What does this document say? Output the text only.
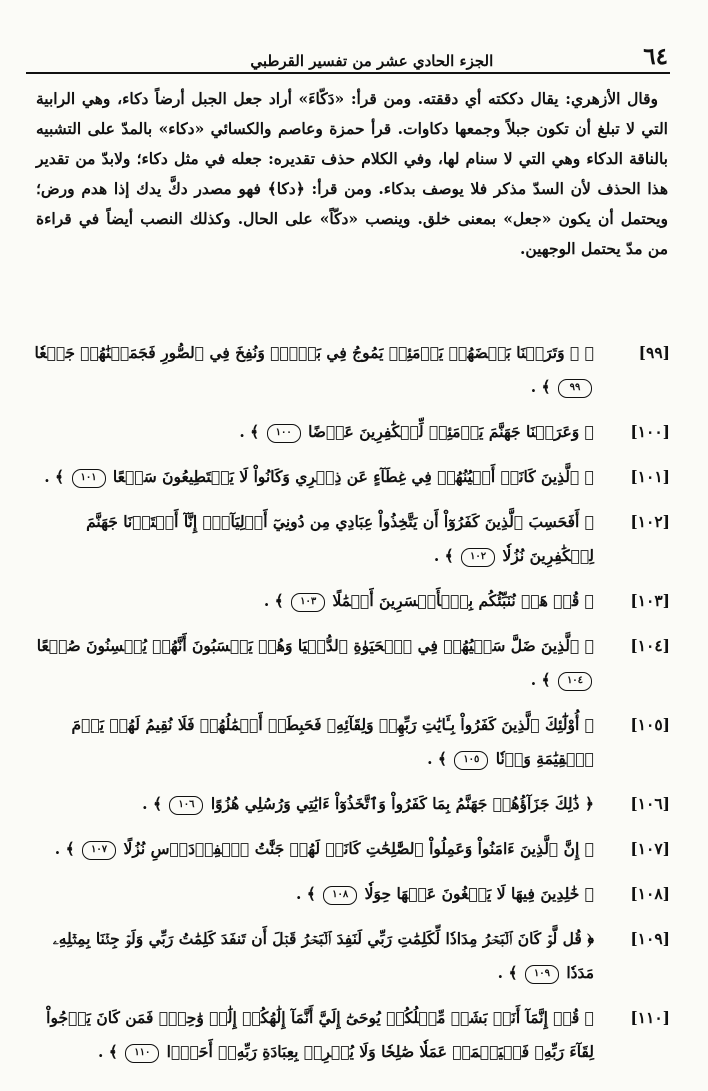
٦٤
الجزء الحادي عشر من تفسير القرطبي

وقال الأزهري: يقال دككته أي دققته. ومن قرأ: «دَكّاءَ» أراد جعل الجبل أرضاً دكاء، وهي الرابية التي لا تبلغ أن تكون جبلاً وجمعها دكاوات. قرأ حمزة وعاصم والكسائي «دكاء» بالمدّ على التشبيه بالناقة الدكاء وهي التي لا سنام لها، وفي الكلام حذف تقديره: جعله في مثل دكاء؛ ولابدّ من تقدير هذا الحذف لأن السدّ مذكر فلا يوصف بدكاء. ومن قرأ: ﴿دكا﴾ فهو مصدر دكَّ يدك إذا هدم ورض؛ ويحتمل أن يكون «جعل» بمعنى خلق. وينصب «دكّاً» على الحال. وكذلك النصب أيضاً في قراءة من مدّ يحتمل الوجهين.

[٩٩]
﴿ ۞ وَتَرَكۡنَا بَعۡضَهُمۡ يَوۡمَئِذٖ يَمُوجُ فِي بَعۡضٖۖ وَنُفِخَ فِي ٱلصُّورِ فَجَمَعۡنَٰهُمۡ جَمۡعٗا ٩٩ ﴾ .
[١٠٠]
﴿ وَعَرَضۡنَا جَهَنَّمَ يَوۡمَئِذٖ لِّلۡكَٰفِرِينَ عَرۡضًا ١٠٠ ﴾ .
[١٠١]
﴿ ٱلَّذِينَ كَانَتۡ أَعۡيُنُهُمۡ فِي غِطَآءٍ عَن ذِكۡرِي وَكَانُواْ لَا يَسۡتَطِيعُونَ سَمۡعًا ١٠١ ﴾ .
[١٠٢]
﴿ أَفَحَسِبَ ٱلَّذِينَ كَفَرُوٓاْ أَن يَتَّخِذُواْ عِبَادِي مِن دُونِيٓ أَوۡلِيَآءَۚ إِنَّآ أَعۡتَدۡنَا جَهَنَّمَ لِلۡكَٰفِرِينَ نُزُلٗا ١٠٢ ﴾ .
[١٠٣]
﴿ قُلۡ هَلۡ نُنَبِّئُكُم بِٱلۡأَخۡسَرِينَ أَعۡمَٰلًا ١٠٣ ﴾ .
[١٠٤]
﴿ ٱلَّذِينَ ضَلَّ سَعۡيُهُمۡ فِي ٱلۡحَيَوٰةِ ٱلدُّنۡيَا وَهُمۡ يَحۡسَبُونَ أَنَّهُمۡ يُحۡسِنُونَ صُنۡعًا ١٠٤ ﴾ .
[١٠٥]
﴿ أُوْلَٰٓئِكَ ٱلَّذِينَ كَفَرُواْ بِـَٔايَٰتِ رَبِّهِمۡ وَلِقَآئِهِۦ فَحَبِطَتۡ أَعۡمَٰلُهُمۡ فَلَا نُقِيمُ لَهُمۡ يَوۡمَ ٱلۡقِيَٰمَةِ وَزۡنٗا ١٠٥ ﴾ .
[١٠٦]
﴿ ذَٰلِكَ جَزَآؤُهُمۡ جَهَنَّمُ بِمَا كَفَرُواْ وَٱتَّخَذُوٓاْ ءَايَٰتِي وَرُسُلِي هُزُوًا ١٠٦ ﴾ .
[١٠٧]
﴿ إِنَّ ٱلَّذِينَ ءَامَنُواْ وَعَمِلُواْ ٱلصَّٰلِحَٰتِ كَانَتۡ لَهُمۡ جَنَّٰتُ ٱلۡفِرۡدَوۡسِ نُزُلًا ١٠٧ ﴾ .
[١٠٨]
﴿ خَٰلِدِينَ فِيهَا لَا يَبۡغُونَ عَنۡهَا حِوَلٗا ١٠٨ ﴾ .
[١٠٩]
﴿ قُل لَّوۡ كَانَ ٱلۡبَحۡرُ مِدَادٗا لِّكَلِمَٰتِ رَبِّي لَنَفِدَ ٱلۡبَحۡرُ قَبۡلَ أَن تَنفَدَ كَلِمَٰتُ رَبِّي وَلَوۡ جِئۡنَا بِمِثۡلِهِۦ مَدَدٗا ١٠٩ ﴾ .
[١١٠]
﴿ قُلۡ إِنَّمَآ أَنَا۠ بَشَرٞ مِّثۡلُكُمۡ يُوحَىٰٓ إِلَيَّ أَنَّمَآ إِلَٰهُكُمۡ إِلَٰهٞ وَٰحِدٞۖ فَمَن كَانَ يَرۡجُواْ لِقَآءَ رَبِّهِۦ فَلۡيَعۡمَلۡ عَمَلٗا صَٰلِحٗا وَلَا يُشۡرِكۡ بِعِبَادَةِ رَبِّهِۦٓ أَحَدَۢا ١١٠ ﴾ .
